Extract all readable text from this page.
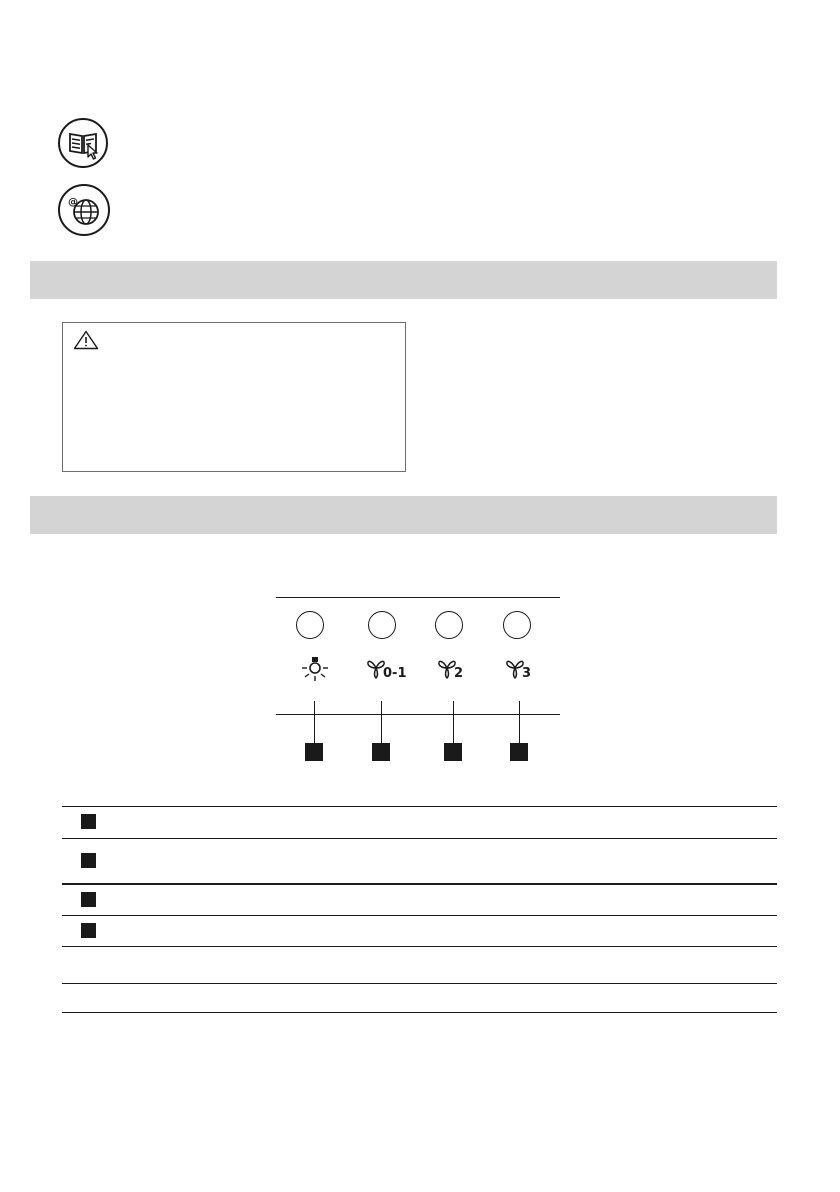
@
0-1	2	3
